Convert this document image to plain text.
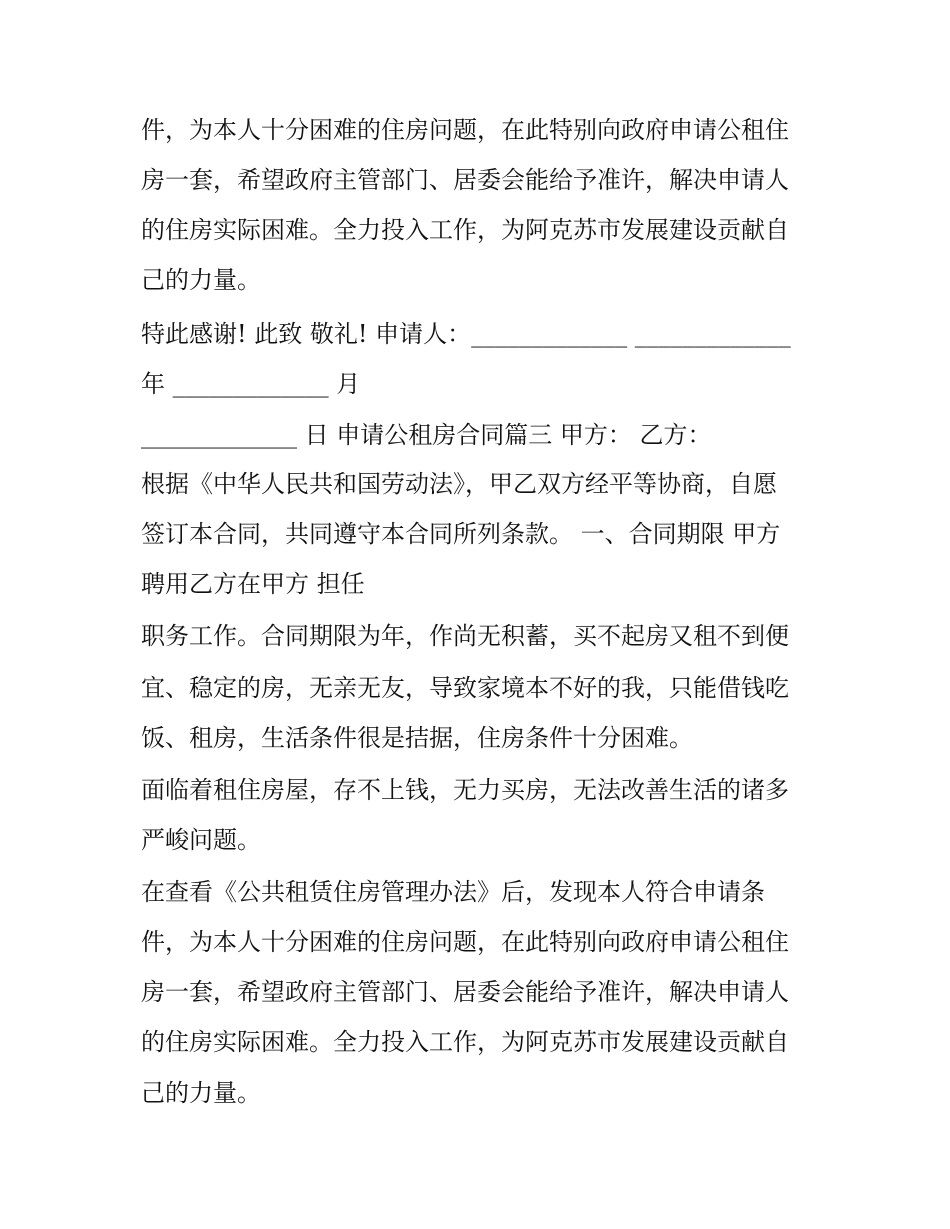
件，为本人十分困难的住房问题，在此特别向政府申请公租住
房一套，希望政府主管部门、居委会能给予准许，解决申请人
的住房实际困难。全力投入工作，为阿克苏市发展建设贡献自
己的力量。
特此感谢! 此致 敬礼! 申请人：_____________ _____________
年 _____________ 月
_____________ 日 申请公租房合同篇三 甲方： 乙方：
根据《中华人民共和国劳动法》，甲乙双方经平等协商，自愿
签订本合同，共同遵守本合同所列条款。 一、合同期限 甲方
聘用乙方在甲方 担任
职务工作。合同期限为年，作尚无积蓄，买不起房又租不到便
宜、稳定的房，无亲无友，导致家境本不好的我，只能借钱吃
饭、租房，生活条件很是拮据，住房条件十分困难。
面临着租住房屋，存不上钱，无力买房，无法改善生活的诸多
严峻问题。
在查看《公共租赁住房管理办法》后，发现本人符合申请条
件，为本人十分困难的住房问题，在此特别向政府申请公租住
房一套，希望政府主管部门、居委会能给予准许，解决申请人
的住房实际困难。全力投入工作，为阿克苏市发展建设贡献自
己的力量。
